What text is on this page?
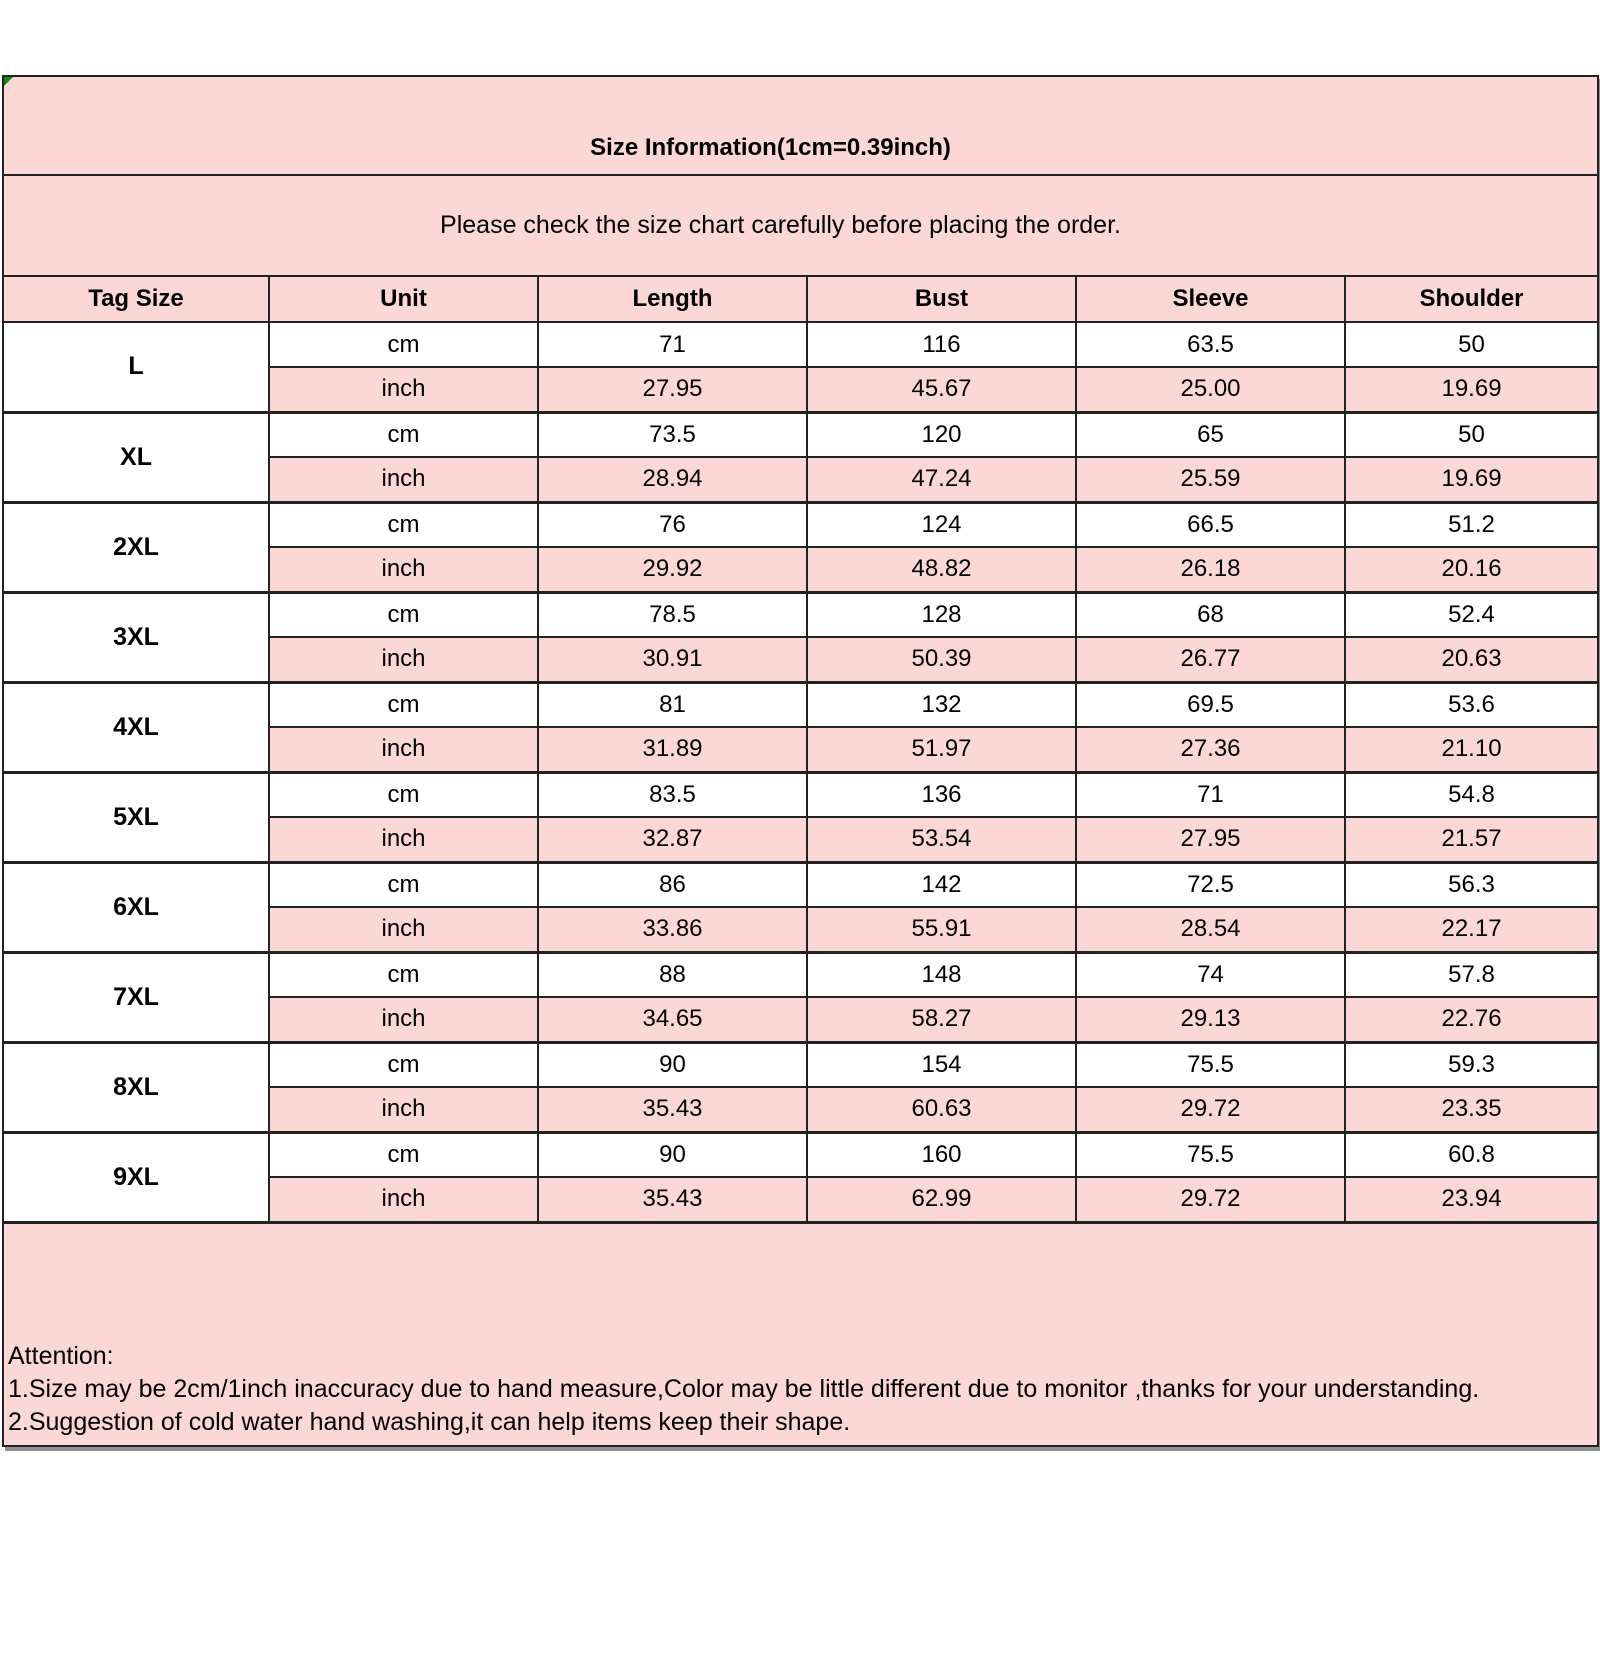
Size Information(1cm=0.39inch)					
Please check the size chart carefully before placing the order.					
Tag Size	Unit	Length	Bust	Sleeve	Shoulder
L	cm	71	116	63.5	50
	inch	27.95	45.67	25.00	19.69
XL	cm	73.5	120	65	50
	inch	28.94	47.24	25.59	19.69
2XL	cm	76	124	66.5	51.2
	inch	29.92	48.82	26.18	20.16
3XL	cm	78.5	128	68	52.4
	inch	30.91	50.39	26.77	20.63
4XL	cm	81	132	69.5	53.6
	inch	31.89	51.97	27.36	21.10
5XL	cm	83.5	136	71	54.8
	inch	32.87	53.54	27.95	21.57
6XL	cm	86	142	72.5	56.3
	inch	33.86	55.91	28.54	22.17
7XL	cm	88	148	74	57.8
	inch	34.65	58.27	29.13	22.76
8XL	cm	90	154	75.5	59.3
	inch	35.43	60.63	29.72	23.35
9XL	cm	90	160	75.5	60.8
	inch	35.43	62.99	29.72	23.94

Attention:
1.Size may be 2cm/1inch inaccuracy due to hand measure,Color may be little different due to monitor ,thanks for your understanding.
2.Suggestion of cold water hand washing,it can help items keep their shape.					
